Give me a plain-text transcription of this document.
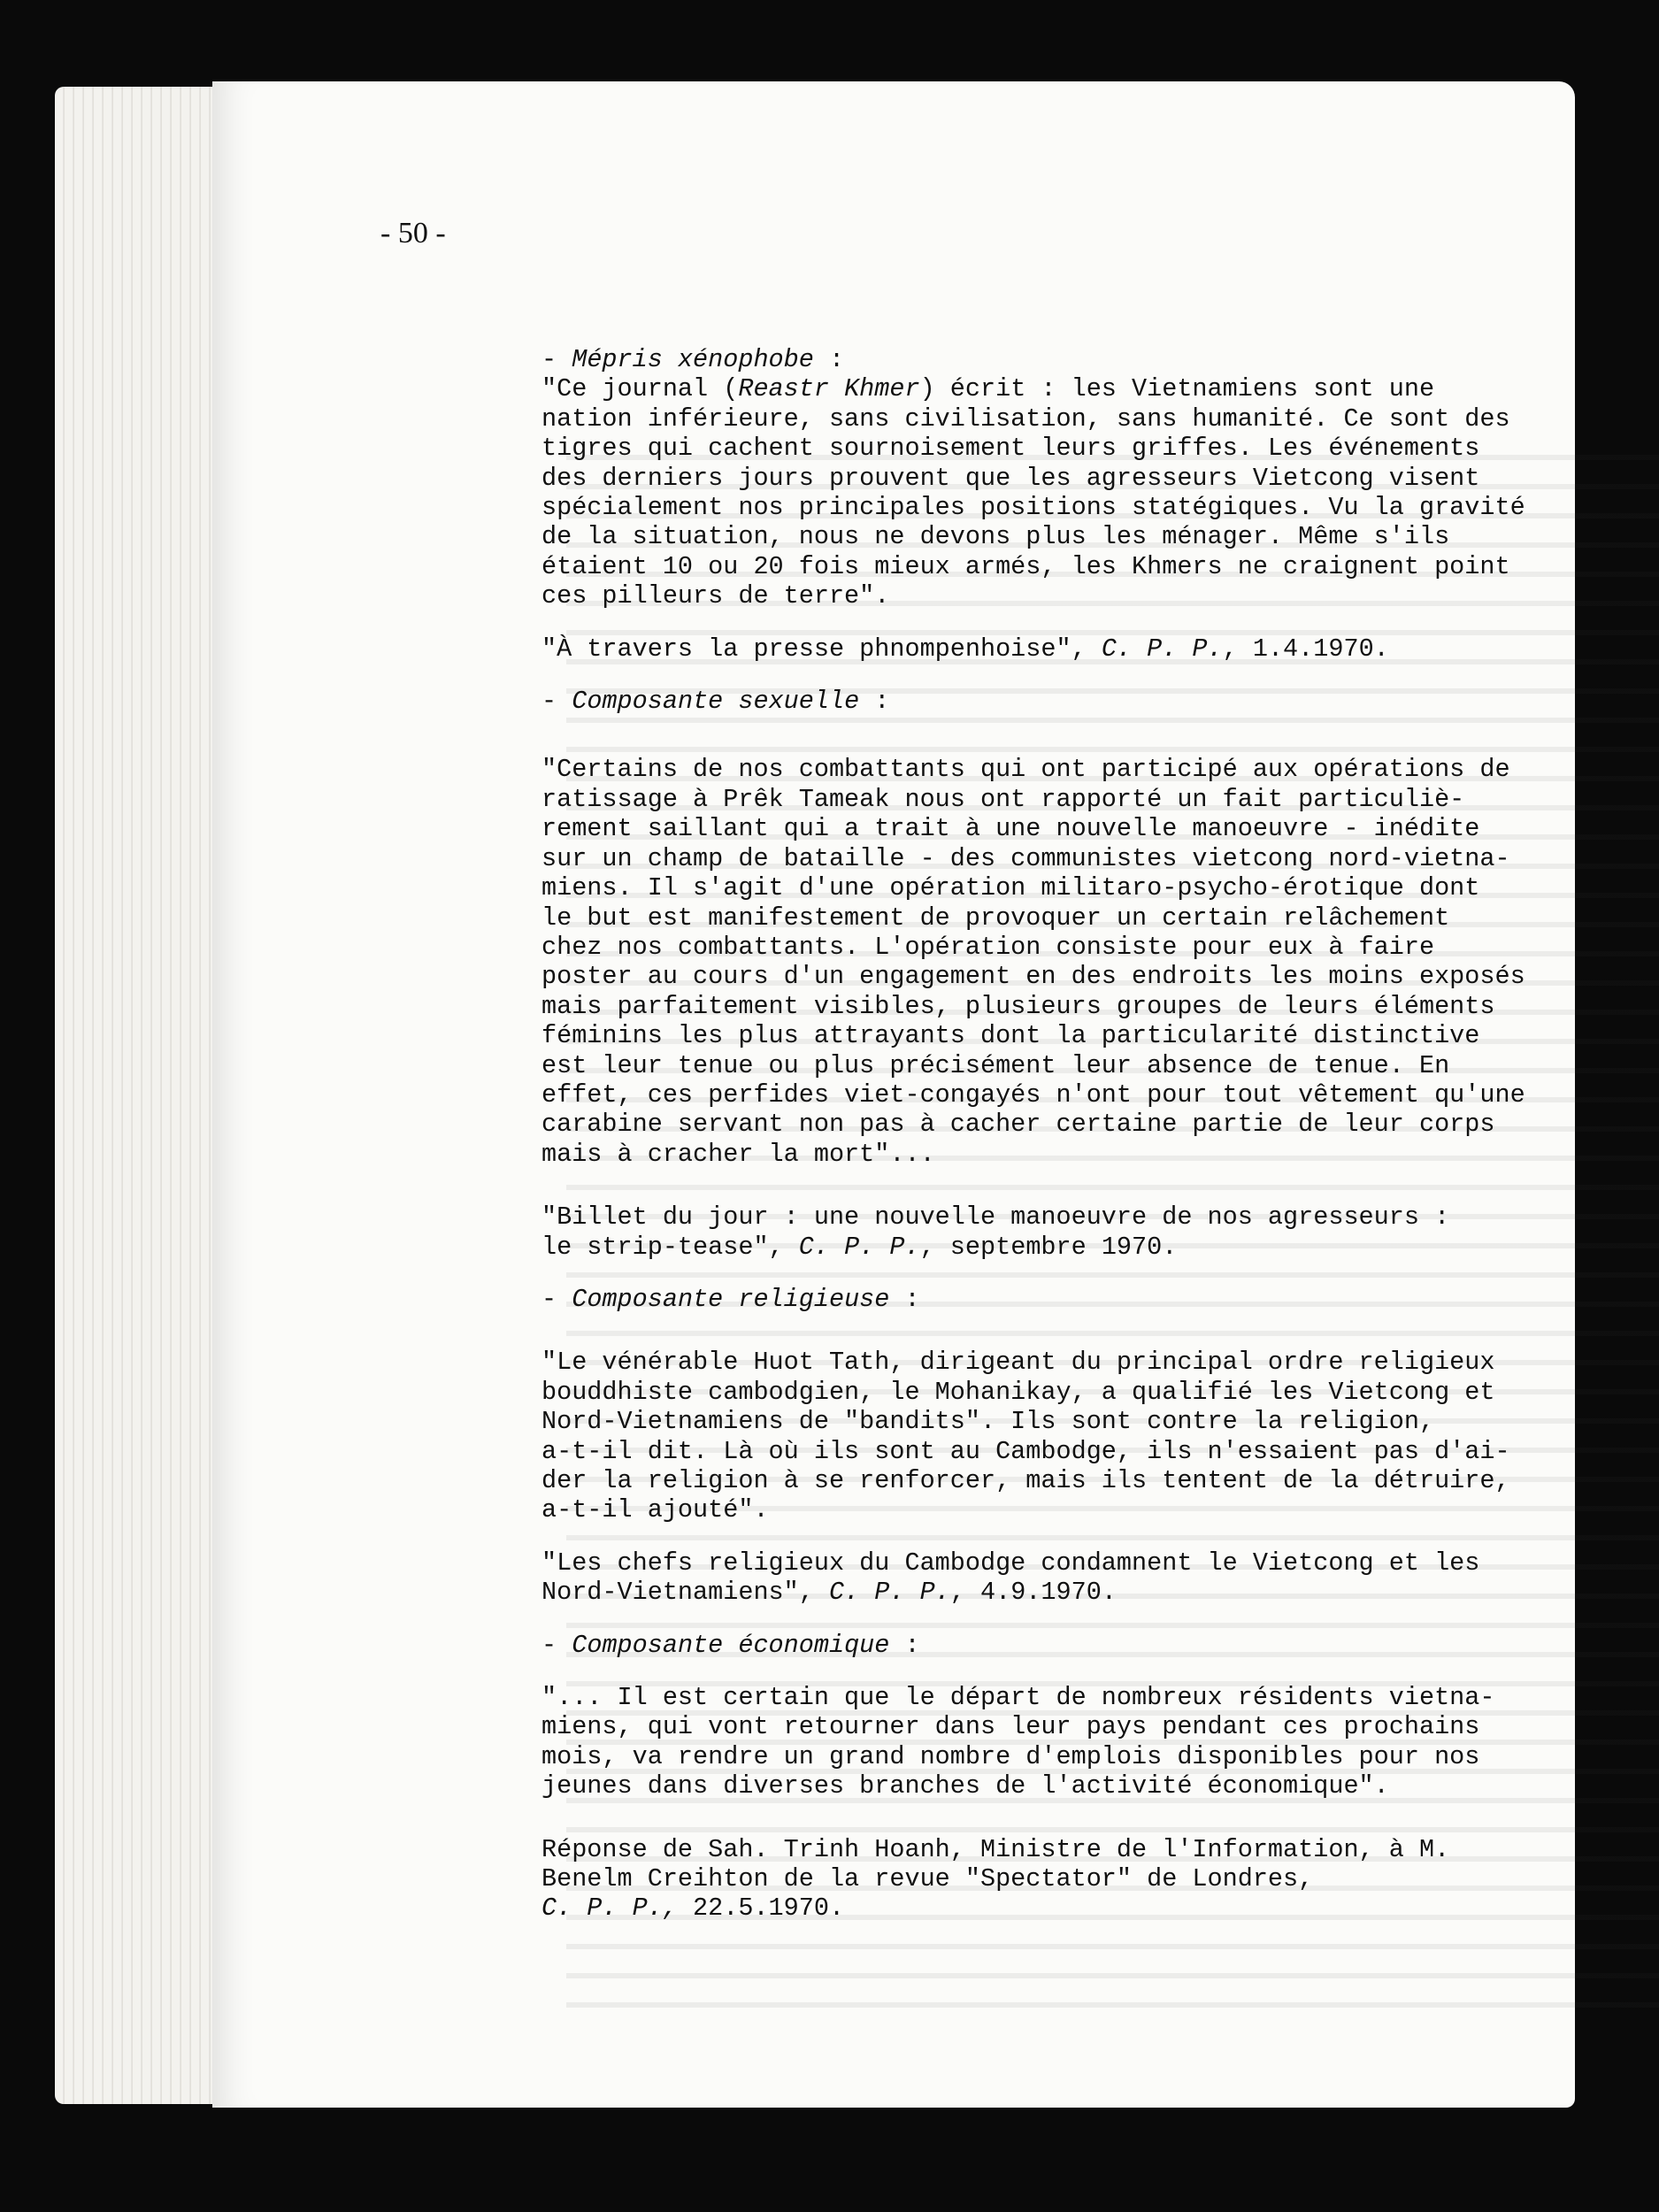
- 50 -

- Mépris xénophobe :

"Ce journal (Reastr Khmer) écrit : les Vietnamiens sont une

nation inférieure, sans civilisation, sans humanité. Ce sont des

tigres qui cachent sournoisement leurs griffes. Les événements

des derniers jours prouvent que les agresseurs Vietcong visent

spécialement nos principales positions statégiques. Vu la gravité

de la situation, nous ne devons plus les ménager. Même s'ils

étaient 10 ou 20 fois mieux armés, les Khmers ne craignent point

ces pilleurs de terre".

"À travers la presse phnompenhoise", C. P. P., 1.4.1970.

- Composante sexuelle :

"Certains de nos combattants qui ont participé aux opérations de

ratissage à Prêk Tameak nous ont rapporté un fait particuliè-

rement saillant qui a trait à une nouvelle manoeuvre - inédite

sur un champ de bataille - des communistes vietcong nord-vietna-

miens. Il s'agit d'une opération militaro-psycho-érotique dont

le but est manifestement de provoquer un certain relâchement

chez nos combattants. L'opération consiste pour eux à faire

poster au cours d'un engagement en des endroits les moins exposés

mais parfaitement visibles, plusieurs groupes de leurs éléments

féminins les plus attrayants dont la particularité distinctive

est leur tenue ou plus précisément leur absence de tenue. En

effet, ces perfides viet-congayés n'ont pour tout vêtement qu'une

carabine servant non pas à cacher certaine partie de leur corps

mais à cracher la mort"...

"Billet du jour : une nouvelle manoeuvre de nos agresseurs :

le strip-tease", C. P. P., septembre 1970.

- Composante religieuse :

"Le vénérable Huot Tath, dirigeant du principal ordre religieux

bouddhiste cambodgien, le Mohanikay, a qualifié les Vietcong et

Nord-Vietnamiens de "bandits". Ils sont contre la religion,

a-t-il dit. Là où ils sont au Cambodge, ils n'essaient pas d'ai-

der la religion à se renforcer, mais ils tentent de la détruire,

a-t-il ajouté".

"Les chefs religieux du Cambodge condamnent le Vietcong et les

Nord-Vietnamiens", C. P. P., 4.9.1970.

- Composante économique :

"... Il est certain que le départ de nombreux résidents vietna-

miens, qui vont retourner dans leur pays pendant ces prochains

mois, va rendre un grand nombre d'emplois disponibles pour nos

jeunes dans diverses branches de l'activité économique".

Réponse de Sah. Trinh Hoanh, Ministre de l'Information, à M.

Benelm Creihton de la revue "Spectator" de Londres,

C. P. P., 22.5.1970.
